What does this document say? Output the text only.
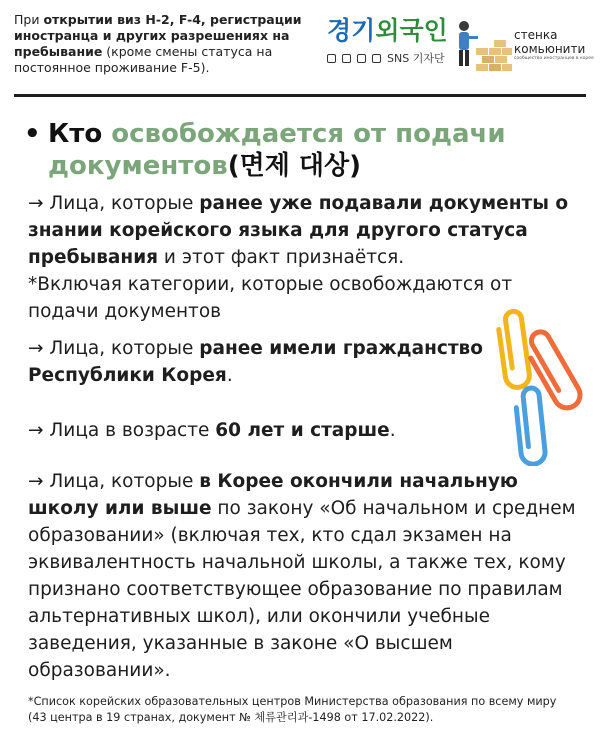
При открытии виз H-2, F-4, регистрации иностранца и других разрешениях на пребывание (кроме смены статуса на постоянное проживание F-5).
경기외국인
SNS 기자단
стенка
комьюнити
сообщество иностранцев в корее
• Кто освобождается от подачи
документов(면제 대상)

→ Лица, которые ранее уже подавали документы о знании корейского языка для другого статуса пребывания и этот факт признаётся.
*Включая категории, которые освобождаются от подачи документов

→ Лица, которые ранее имели гражданство Республики Корея.

→ Лица в возрасте 60 лет и старше.

→ Лица, которые в Корее окончили начальную школу или выше по закону «Об начальном и среднем образовании» (включая тех, кто сдал экзамен на эквивалентность начальной школы, а также тех, кому признано соответствующее образование по правилам альтернативных школ), или окончили учебные заведения, указанные в законе «О высшем образовании».

*Список корейских образовательных центров Министерства образования по всему миру (43 центра в 19 странах, документ № 체류관리과-1498 от 17.02.2022).
